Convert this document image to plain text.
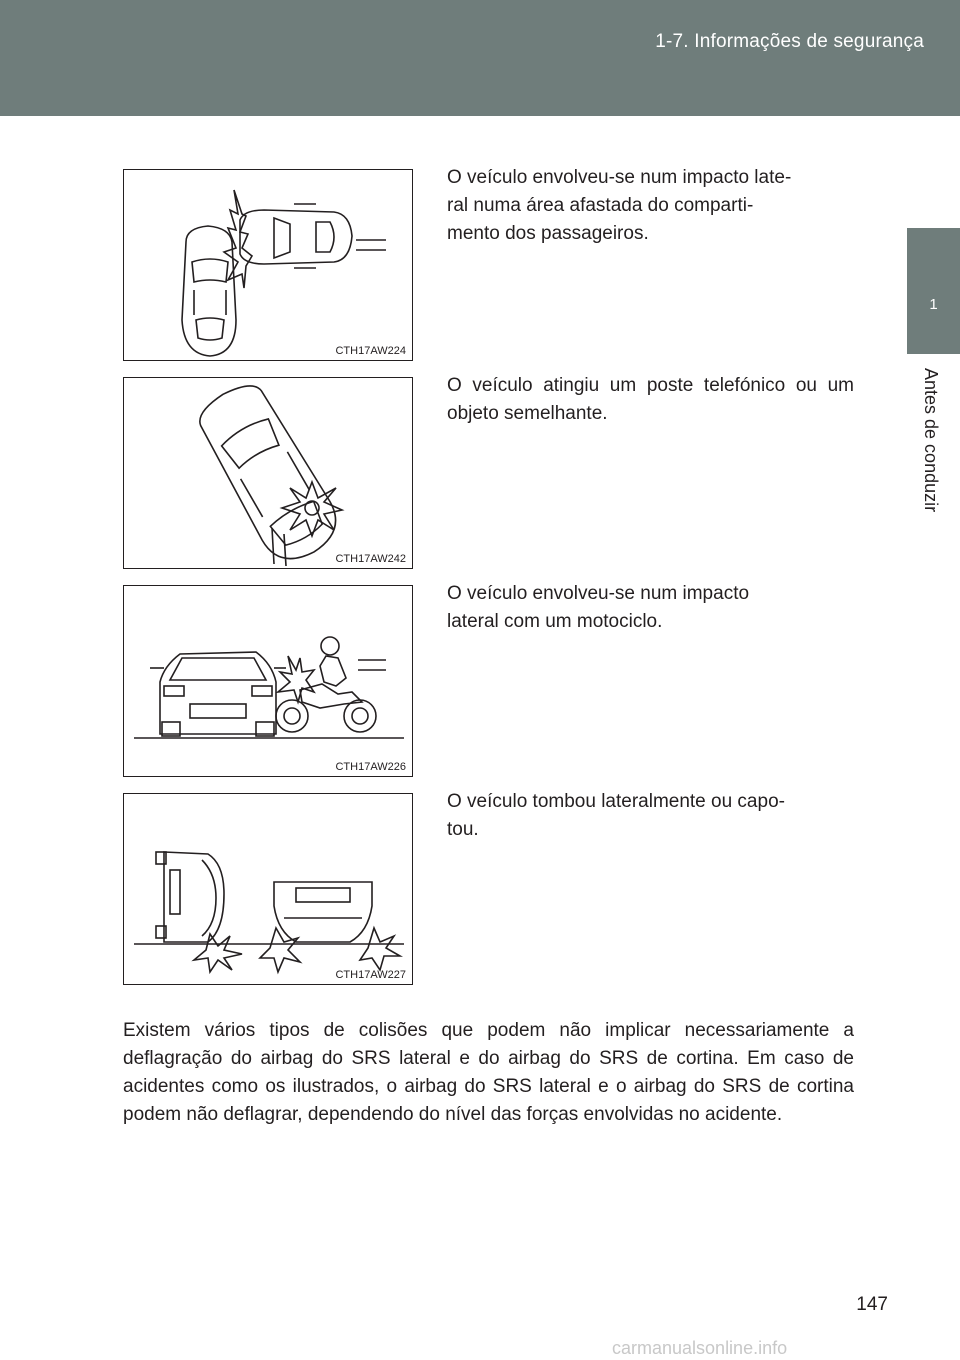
1-7. Informações de segurança
1
Antes de conduzir
CTH17AW224
O veículo envolveu-se num impacto late-
ral numa área afastada do comparti-
mento dos passageiros.
CTH17AW242
O veículo atingiu um poste telefónico ou um objeto semelhante.
CTH17AW226
O veículo envolveu-se num impacto
lateral com um motociclo.
CTH17AW227
O veículo tombou lateralmente ou capo-
tou.
Existem vários tipos de colisões que podem não implicar necessariamente a deflagração do airbag do SRS lateral e do airbag do SRS de cortina. Em caso de acidentes como os ilustrados, o airbag do SRS lateral e o airbag do SRS de cortina podem não deflagrar, dependendo do nível das forças envolvidas no acidente.
147
carmanualsonline.info
